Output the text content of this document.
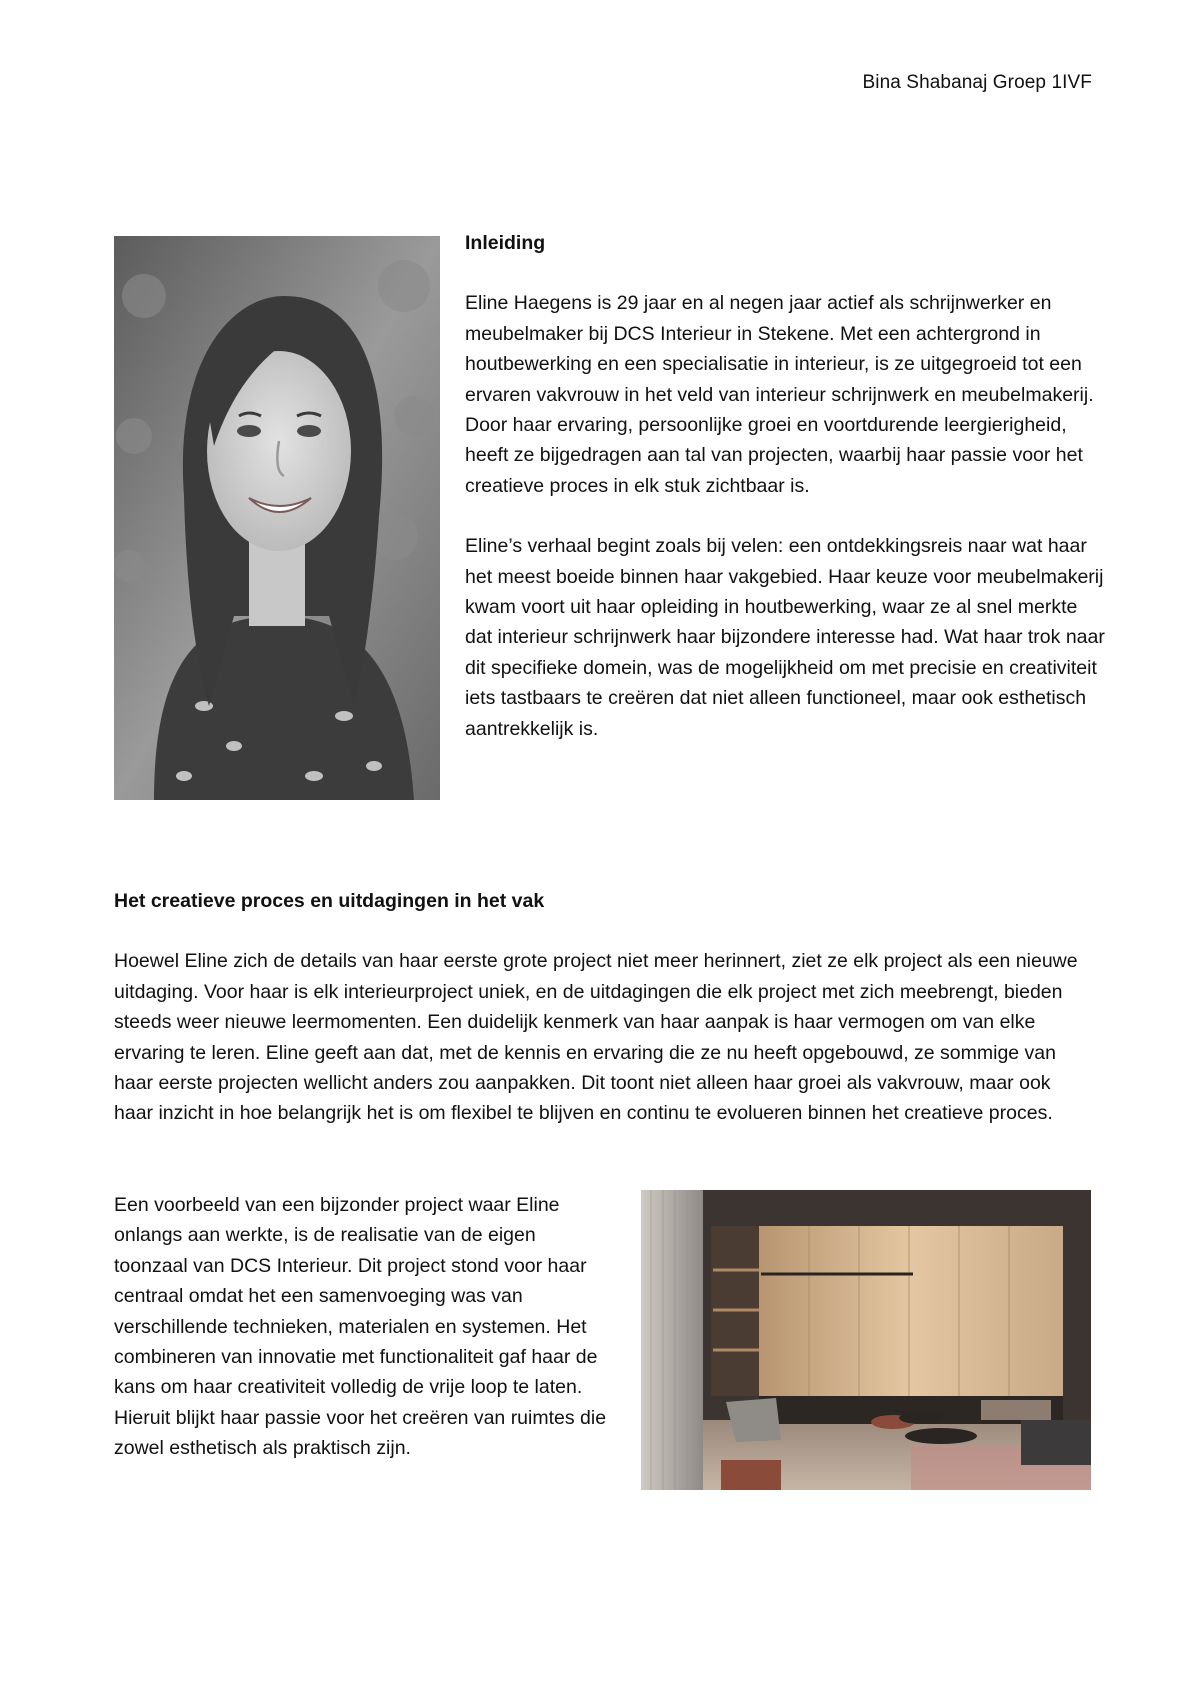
Bina Shabanaj Groep 1IVF
Inleiding

Eline Haegens is 29 jaar en al negen jaar actief als schrijnwerker en meubelmaker bij DCS Interieur in Stekene. Met een achtergrond in houtbewerking en een specialisatie in interieur, is ze uitgegroeid tot een ervaren vakvrouw in het veld van interieur schrijnwerk en meubelmakerij. Door haar ervaring, persoonlijke groei en voortdurende leergierigheid, heeft ze bijgedragen aan tal van projecten, waarbij haar passie voor het creatieve proces in elk stuk zichtbaar is.

Eline’s verhaal begint zoals bij velen: een ontdekkingsreis naar wat haar het meest boeide binnen haar vakgebied. Haar keuze voor meubelmakerij kwam voort uit haar opleiding in houtbewerking, waar ze al snel merkte dat interieur schrijnwerk haar bijzondere interesse had. Wat haar trok naar dit specifieke domein, was de mogelijkheid om met precisie en creativiteit iets tastbaars te creëren dat niet alleen functioneel, maar ook esthetisch aantrekkelijk is.

Het creatieve proces en uitdagingen in het vak

Hoewel Eline zich de details van haar eerste grote project niet meer herinnert, ziet ze elk project als een nieuwe uitdaging. Voor haar is elk interieurproject uniek, en de uitdagingen die elk project met zich meebrengt, bieden steeds weer nieuwe leermomenten. Een duidelijk kenmerk van haar aanpak is haar vermogen om van elke ervaring te leren. Eline geeft aan dat, met de kennis en ervaring die ze nu heeft opgebouwd, ze sommige van haar eerste projecten wellicht anders zou aanpakken. Dit toont niet alleen haar groei als vakvrouw, maar ook haar inzicht in hoe belangrijk het is om flexibel te blijven en continu te evolueren binnen het creatieve proces.

Een voorbeeld van een bijzonder project waar Eline onlangs aan werkte, is de realisatie van de eigen toonzaal van DCS Interieur. Dit project stond voor haar centraal omdat het een samenvoeging was van verschillende technieken, materialen en systemen. Het combineren van innovatie met functionaliteit gaf haar de kans om haar creativiteit volledig de vrije loop te laten. Hieruit blijkt haar passie voor het creëren van ruimtes die zowel esthetisch als praktisch zijn.
